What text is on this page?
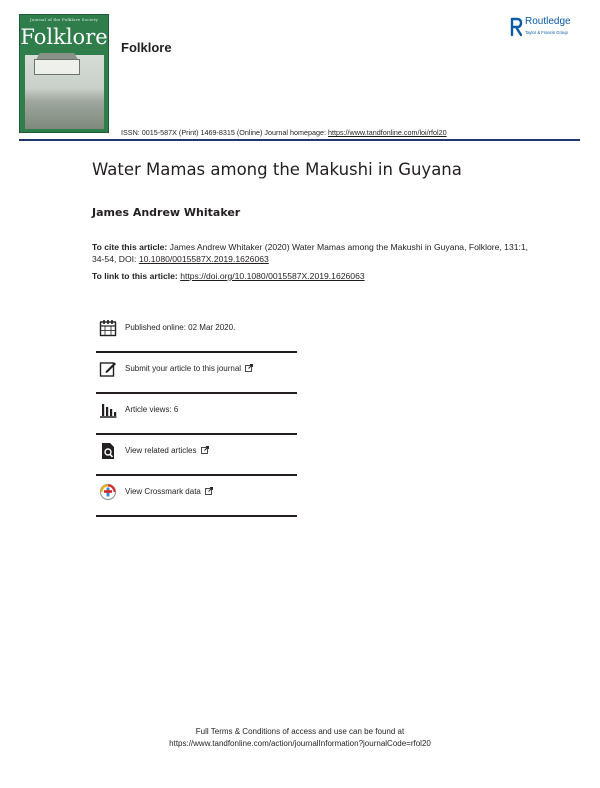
Journal of the Folklore Society
Folklore Folklore
ISSN: 0015-587X (Print) 1469-8315 (Online) Journal homepage: https://www.tandfonline.com/loi/rfol20
Routledge
Taylor & Francis Group
Water Mamas among the Makushi in Guyana
James Andrew Whitaker
To cite this article: James Andrew Whitaker (2020) Water Mamas among the Makushi in Guyana, Folklore, 131:1, 34-54, DOI: 10.1080/0015587X.2019.1626063
To link to this article: https://doi.org/10.1080/0015587X.2019.1626063
Published online: 02 Mar 2020.
Submit your article to this journal
Article views: 6
View related articles
View Crossmark data
Full Terms & Conditions of access and use can be found at
https://www.tandfonline.com/action/journalInformation?journalCode=rfol20
